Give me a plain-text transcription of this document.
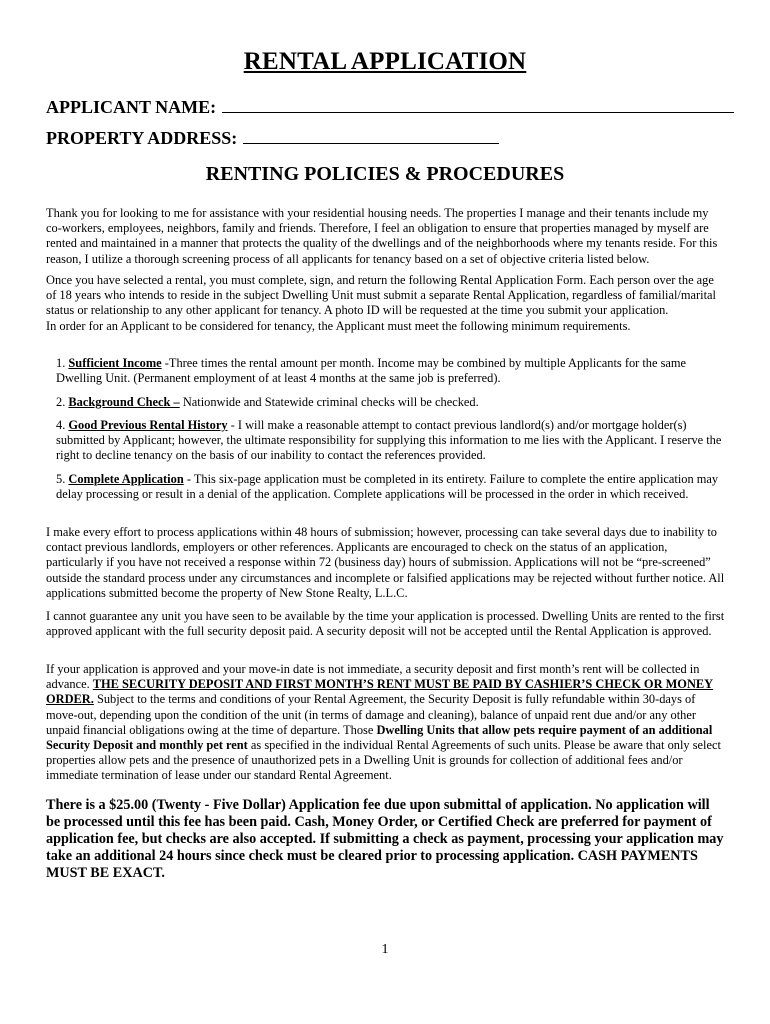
RENTAL APPLICATION
APPLICANT NAME:
PROPERTY ADDRESS:
RENTING POLICIES & PROCEDURES

Thank you for looking to me for assistance with your residential housing needs. The properties I manage and their tenants include my co-workers, employees, neighbors, family and friends. Therefore, I feel an obligation to ensure that properties managed by myself are rented and maintained in a manner that protects the quality of the dwellings and of the neighborhoods where my tenants reside. For this reason, I utilize a thorough screening process of all applicants for tenancy based on a set of objective criteria listed below.

Once you have selected a rental, you must complete, sign, and return the following Rental Application Form. Each person over the age of 18 years who intends to reside in the subject Dwelling Unit must submit a separate Rental Application, regardless of familial/marital status or relationship to any other applicant for tenancy. A photo ID will be requested at the time you submit your application.

In order for an Applicant to be considered for tenancy, the Applicant must meet the following minimum requirements.

1. Sufficient Income -Three times the rental amount per month. Income may be combined by multiple Applicants for the same Dwelling Unit. (Permanent employment of at least 4 months at the same job is preferred).
2. Background Check – Nationwide and Statewide criminal checks will be checked.
4. Good Previous Rental History - I will make a reasonable attempt to contact previous landlord(s) and/or mortgage holder(s) submitted by Applicant; however, the ultimate responsibility for supplying this information to me lies with the Applicant. I reserve the right to decline tenancy on the basis of our inability to contact the references provided.
5. Complete Application - This six-page application must be completed in its entirety. Failure to complete the entire application may delay processing or result in a denial of the application. Complete applications will be processed in the order in which received.

I make every effort to process applications within 48 hours of submission; however, processing can take several days due to inability to contact previous landlords, employers or other references. Applicants are encouraged to check on the status of an application, particularly if you have not received a response within 72 (business day) hours of submission. Applications will not be “pre-screened” outside the standard process under any circumstances and incomplete or falsified applications may be rejected without further notice. All applications submitted become the property of New Stone Realty, L.L.C.

I cannot guarantee any unit you have seen to be available by the time your application is processed. Dwelling Units are rented to the first approved applicant with the full security deposit paid. A security deposit will not be accepted until the Rental Application is approved.

If your application is approved and your move-in date is not immediate, a security deposit and first month’s rent will be collected in advance. THE SECURITY DEPOSIT AND FIRST MONTH’S RENT MUST BE PAID BY CASHIER’S CHECK OR MONEY ORDER. Subject to the terms and conditions of your Rental Agreement, the Security Deposit is fully refundable within 30-days of move-out, depending upon the condition of the unit (in terms of damage and cleaning), balance of unpaid rent due and/or any other unpaid financial obligations owing at the time of departure. Those Dwelling Units that allow pets require payment of an additional Security Deposit and monthly pet rent as specified in the individual Rental Agreements of such units. Please be aware that only select properties allow pets and the presence of unauthorized pets in a Dwelling Unit is grounds for collection of additional fees and/or immediate termination of lease under our standard Rental Agreement.

There is a $25.00 (Twenty - Five Dollar) Application fee due upon submittal of application. No application will be processed until this fee has been paid. Cash, Money Order, or Certified Check are preferred for payment of application fee, but checks are also accepted. If submitting a check as payment, processing your application may take an additional 24 hours since check must be cleared prior to processing application. CASH PAYMENTS MUST BE EXACT.
1
